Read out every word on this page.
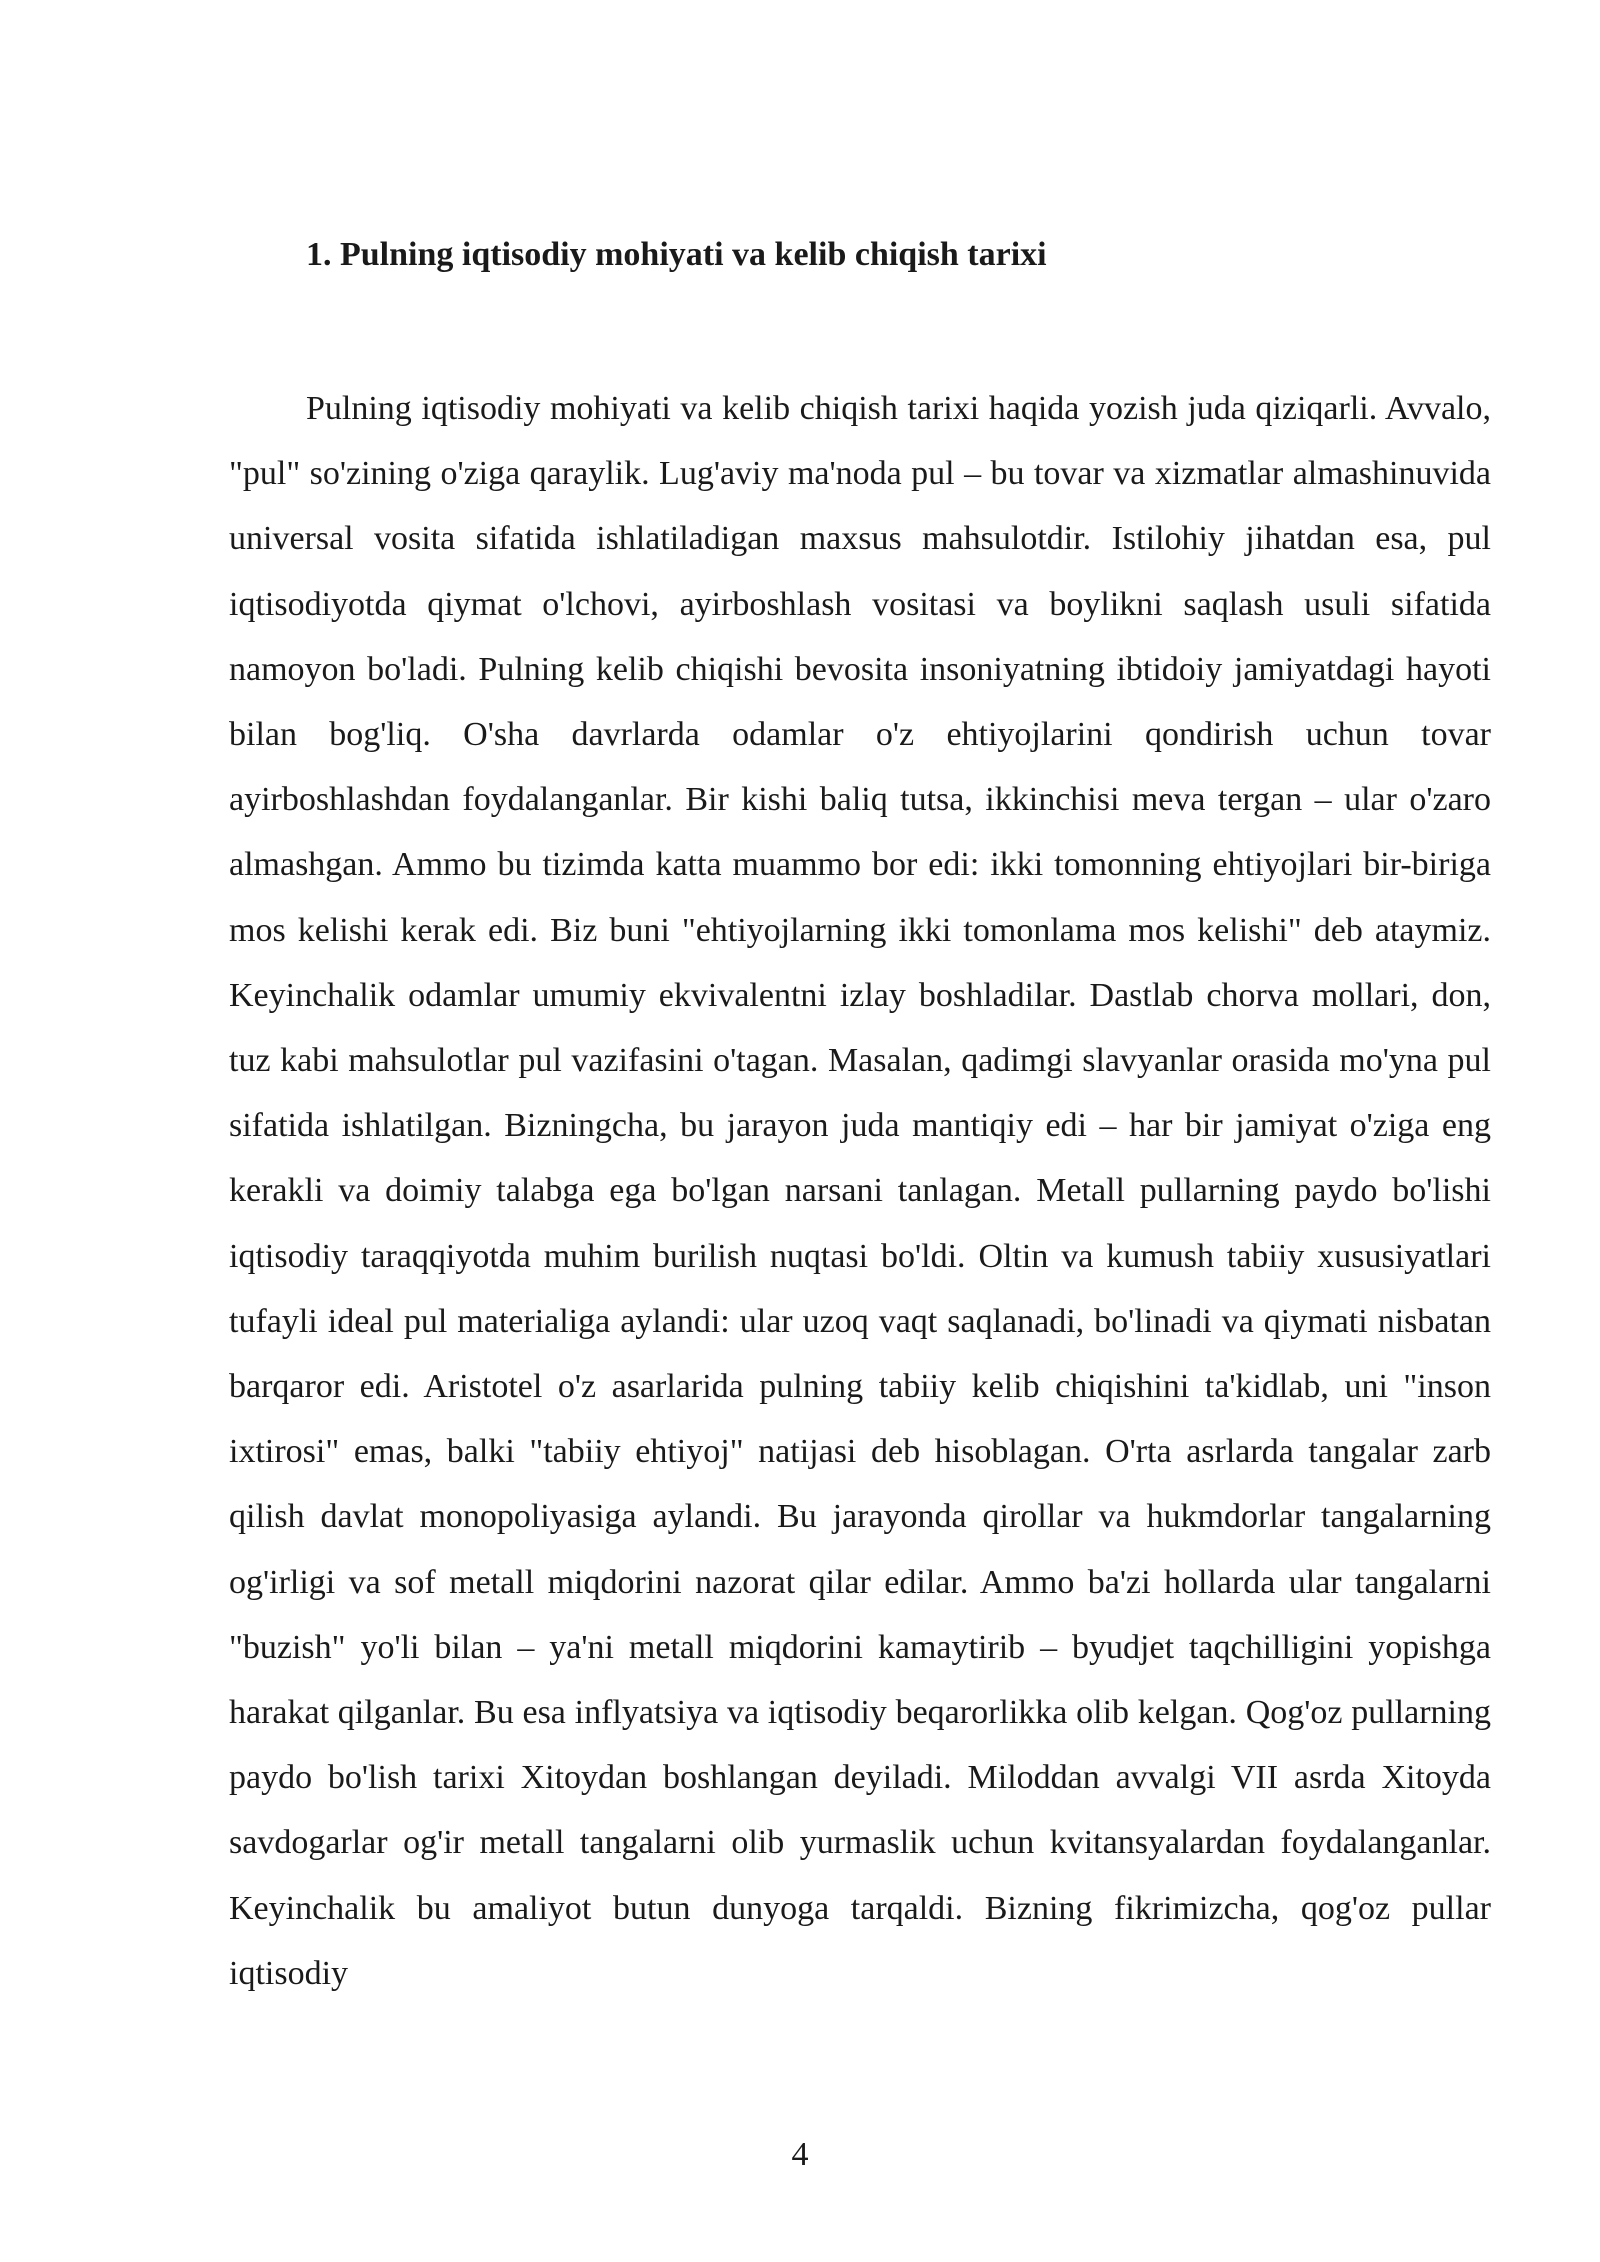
1. Pulning iqtisodiy mohiyati va kelib chiqish tarixi

Pulning iqtisodiy mohiyati va kelib chiqish tarixi haqida yozish juda qiziqarli. Avvalo, "pul" so'zining o'ziga qaraylik. Lug'aviy ma'noda pul – bu tovar va xizmatlar almashinuvida universal vosita sifatida ishlatiladigan maxsus mahsulotdir. Istilohiy jihatdan esa, pul iqtisodiyotda qiymat o'lchovi, ayirboshlash vositasi va boylikni saqlash usuli sifatida namoyon bo'ladi. Pulning kelib chiqishi bevosita insoniyatning ibtidoiy jamiyatdagi hayoti bilan bog'liq. O'sha davrlarda odamlar o'z ehtiyojlarini qondirish uchun tovar ayirboshlashdan foydalanganlar. Bir kishi baliq tutsa, ikkinchisi meva tergan – ular o'zaro almashgan. Ammo bu tizimda katta muammo bor edi: ikki tomonning ehtiyojlari bir-biriga mos kelishi kerak edi. Biz buni "ehtiyojlarning ikki tomonlama mos kelishi" deb ataymiz. Keyinchalik odamlar umumiy ekvivalentni izlay boshladilar. Dastlab chorva mollari, don, tuz kabi mahsulotlar pul vazifasini o'tagan. Masalan, qadimgi slavyanlar orasida mo'yna pul sifatida ishlatilgan. Bizningcha, bu jarayon juda mantiqiy edi – har bir jamiyat o'ziga eng kerakli va doimiy talabga ega bo'lgan narsani tanlagan. Metall pullarning paydo bo'lishi iqtisodiy taraqqiyotda muhim burilish nuqtasi bo'ldi. Oltin va kumush tabiiy xususiyatlari tufayli ideal pul materialiga aylandi: ular uzoq vaqt saqlanadi, bo'linadi va qiymati nisbatan barqaror edi. Aristotel o'z asarlarida pulning tabiiy kelib chiqishini ta'kidlab, uni "inson ixtirosi" emas, balki "tabiiy ehtiyoj" natijasi deb hisoblagan. O'rta asrlarda tangalar zarb qilish davlat monopoliyasiga aylandi. Bu jarayonda qirollar va hukmdorlar tangalarning og'irligi va sof metall miqdorini nazorat qilar edilar. Ammo ba'zi hollarda ular tangalarni "buzish" yo'li bilan – ya'ni metall miqdorini kamaytirib – byudjet taqchilligini yopishga harakat qilganlar. Bu esa inflyatsiya va iqtisodiy beqarorlikka olib kelgan. Qog'oz pullarning paydo bo'lish tarixi Xitoydan boshlangan deyiladi. Miloddan avvalgi VII asrda Xitoyda savdogarlar og'ir metall tangalarni olib yurmaslik uchun kvitansyalardan foydalanganlar. Keyinchalik bu amaliyot butun dunyoga tarqaldi. Bizning fikrimizcha, qog'oz pullar iqtisodiy

4
